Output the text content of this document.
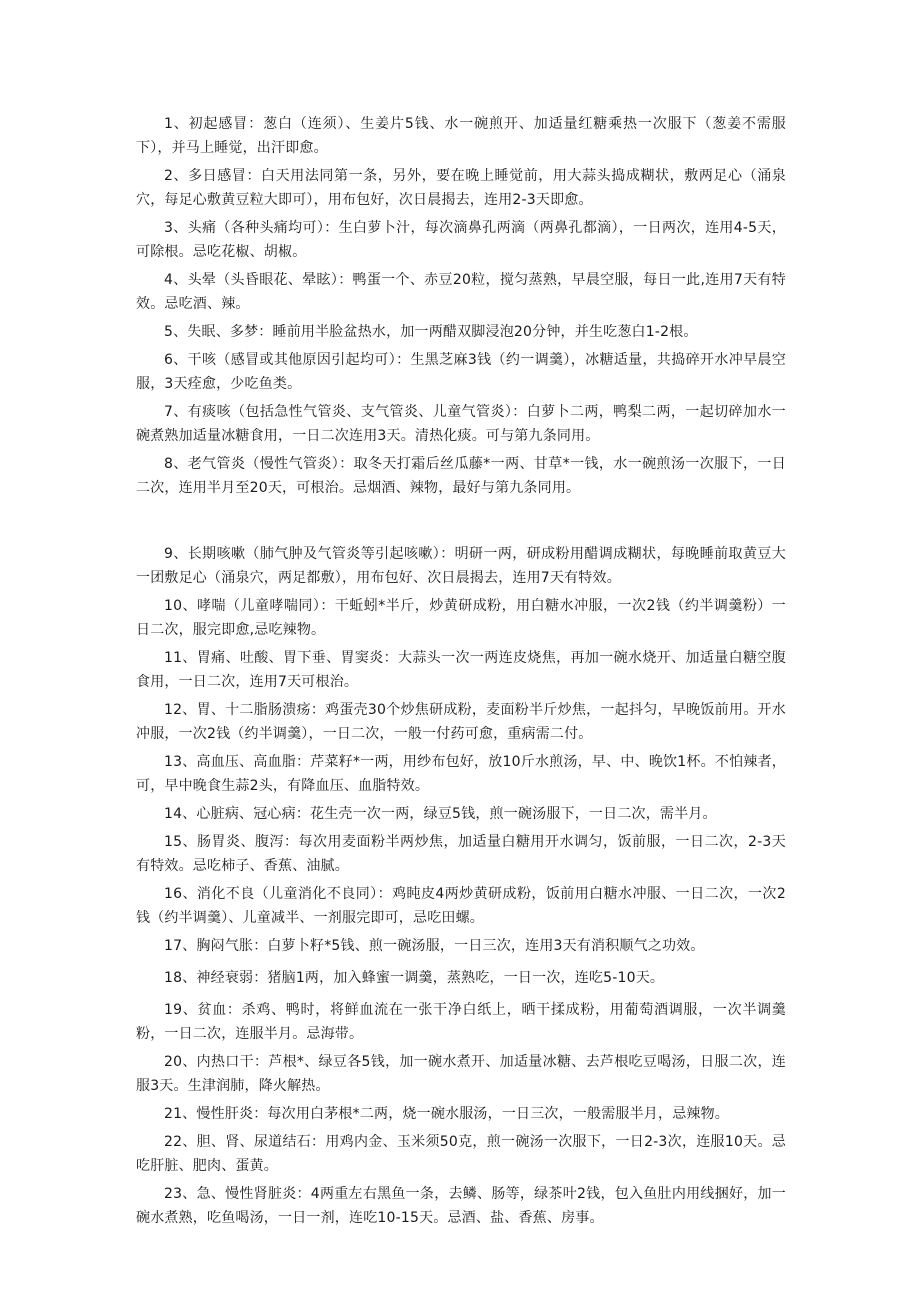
1、初起感冒：葱白（连须）、生姜片5钱、水一碗煎开、加适量红糖乘热一次服下（葱姜不需服下），并马上睡觉，出汗即愈。

2、多日感冒：白天用法同第一条，另外，要在晚上睡觉前，用大蒜头捣成糊状，敷两足心（涌泉穴，每足心敷黄豆粒大即可），用布包好，次日晨揭去，连用2-3天即愈。

3、头痛（各种头痛均可）：生白萝卜汁，每次滴鼻孔两滴（两鼻孔都滴），一日两次，连用4-5天，可除根。忌吃花椒、胡椒。

4、头晕（头昏眼花、晕眩）：鸭蛋一个、赤豆20粒，搅匀蒸熟，早晨空服，每日一此,连用7天有特效。忌吃酒、辣。

5、失眠、多梦：睡前用半脸盆热水，加一两醋双脚浸泡20分钟，并生吃葱白1-2根。

6、干咳（感冒或其他原因引起均可）：生黑芝麻3钱（约一调羹），冰糖适量，共捣碎开水冲早晨空服，3天痊愈，少吃鱼类。

7、有痰咳（包括急性气管炎、支气管炎、儿童气管炎）：白萝卜二两，鸭梨二两，一起切碎加水一碗煮熟加适量冰糖食用，一日二次连用3天。清热化痰。可与第九条同用。

8、老气管炎（慢性气管炎）：取冬天打霜后丝瓜藤*一两、甘草*一钱，水一碗煎汤一次服下，一日二次，连用半月至20天，可根治。忌烟酒、辣物，最好与第九条同用。

9、长期咳嗽（肺气肿及气管炎等引起咳嗽）：明研一两，研成粉用醋调成糊状，每晚睡前取黄豆大一团敷足心（涌泉穴，两足都敷），用布包好、次日晨揭去，连用7天有特效。

10、哮喘（儿童哮喘同）：干蚯蚓*半斤，炒黄研成粉，用白糖水冲服，一次2钱（约半调羹粉）一日二次，服完即愈,忌吃辣物。

11、胃痛、吐酸、胃下垂、胃窦炎：大蒜头一次一两连皮烧焦，再加一碗水烧开、加适量白糖空腹食用，一日二次，连用7天可根治。

12、胃、十二脂肠溃疡：鸡蛋壳30个炒焦研成粉，麦面粉半斤炒焦，一起抖匀，早晚饭前用。开水冲服，一次2钱（约半调羹），一日二次，一般一付药可愈，重病需二付。

13、高血压、高血脂：芹菜籽*一两，用纱布包好，放10斤水煎汤，早、中、晚饮1杯。不怕辣者，可，早中晚食生蒜2头，有降血压、血脂特效。

14、心脏病、冠心病：花生壳一次一两，绿豆5钱，煎一碗汤服下，一日二次，需半月。

15、肠胃炎、腹泻：每次用麦面粉半两炒焦，加适量白糖用开水调匀，饭前服，一日二次，2-3天有特效。忌吃柿子、香蕉、油腻。

16、消化不良（儿童消化不良同）：鸡盹皮4两炒黄研成粉，饭前用白糖水冲服、一日二次，一次2钱（约半调羹）、儿童减半、一剂服完即可，忌吃田螺。

17、胸闷气胀：白萝卜籽*5钱、煎一碗汤服，一日三次，连用3天有消积顺气之功效。

18、神经衰弱：猪脑1两，加入蜂蜜一调羹，蒸熟吃，一日一次，连吃5-10天。

19、贫血：杀鸡、鸭时，将鲜血流在一张干净白纸上，晒干揉成粉，用葡萄酒调服，一次半调羹粉，一日二次，连服半月。忌海带。

20、内热口干：芦根*、绿豆各5钱，加一碗水煮开、加适量冰糖、去芦根吃豆喝汤，日服二次，连服3天。生津润肺，降火解热。

21、慢性肝炎：每次用白茅根*二两，烧一碗水服汤，一日三次，一般需服半月，忌辣物。

22、胆、肾、尿道结石：用鸡内金、玉米须50克，煎一碗汤一次服下，一日2-3次，连服10天。忌吃肝脏、肥肉、蛋黄。

23、急、慢性肾脏炎：4两重左右黑鱼一条，去鳞、肠等，绿茶叶2钱，包入鱼肚内用线捆好，加一碗水煮熟，吃鱼喝汤，一日一剂，连吃10-15天。忌酒、盐、香蕉、房事。
